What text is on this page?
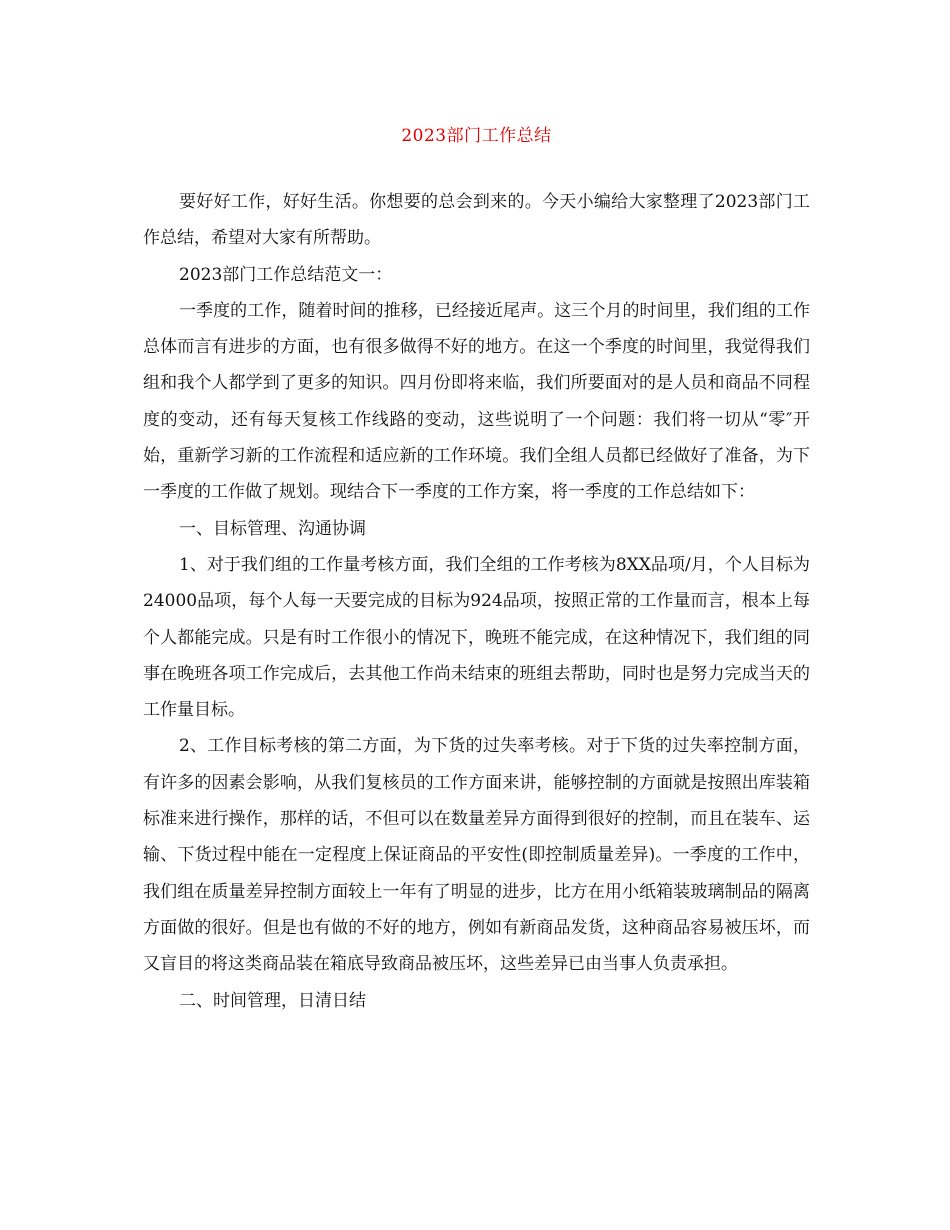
2023部门工作总结

要好好工作，好好生活。你想要的总会到来的。今天小编给大家整理了2023部门工作总结，希望对大家有所帮助。

2023部门工作总结范文一：

一季度的工作，随着时间的推移，已经接近尾声。这三个月的时间里，我们组的工作总体而言有进步的方面，也有很多做得不好的地方。在这一个季度的时间里，我觉得我们组和我个人都学到了更多的知识。四月份即将来临，我们所要面对的是人员和商品不同程度的变动，还有每天复核工作线路的变动，这些说明了一个问题：我们将一切从“零″开始，重新学习新的工作流程和适应新的工作环境。我们全组人员都已经做好了准备，为下一季度的工作做了规划。现结合下一季度的工作方案，将一季度的工作总结如下：

一、目标管理、沟通协调

1、对于我们组的工作量考核方面，我们全组的工作考核为8XX品项/月，个人目标为24000品项，每个人每一天要完成的目标为924品项，按照正常的工作量而言，根本上每个人都能完成。只是有时工作很小的情况下，晚班不能完成，在这种情况下，我们组的同事在晚班各项工作完成后，去其他工作尚未结束的班组去帮助，同时也是努力完成当天的工作量目标。

2、工作目标考核的第二方面，为下货的过失率考核。对于下货的过失率控制方面，有许多的因素会影响，从我们复核员的工作方面来讲，能够控制的方面就是按照出库装箱标准来进行操作，那样的话，不但可以在数量差异方面得到很好的控制，而且在装车、运输、下货过程中能在一定程度上保证商品的平安性(即控制质量差异)。一季度的工作中，我们组在质量差异控制方面较上一年有了明显的进步，比方在用小纸箱装玻璃制品的隔离方面做的很好。但是也有做的不好的地方，例如有新商品发货，这种商品容易被压坏，而又盲目的将这类商品装在箱底导致商品被压坏，这些差异已由当事人负责承担。

二、时间管理，日清日结
